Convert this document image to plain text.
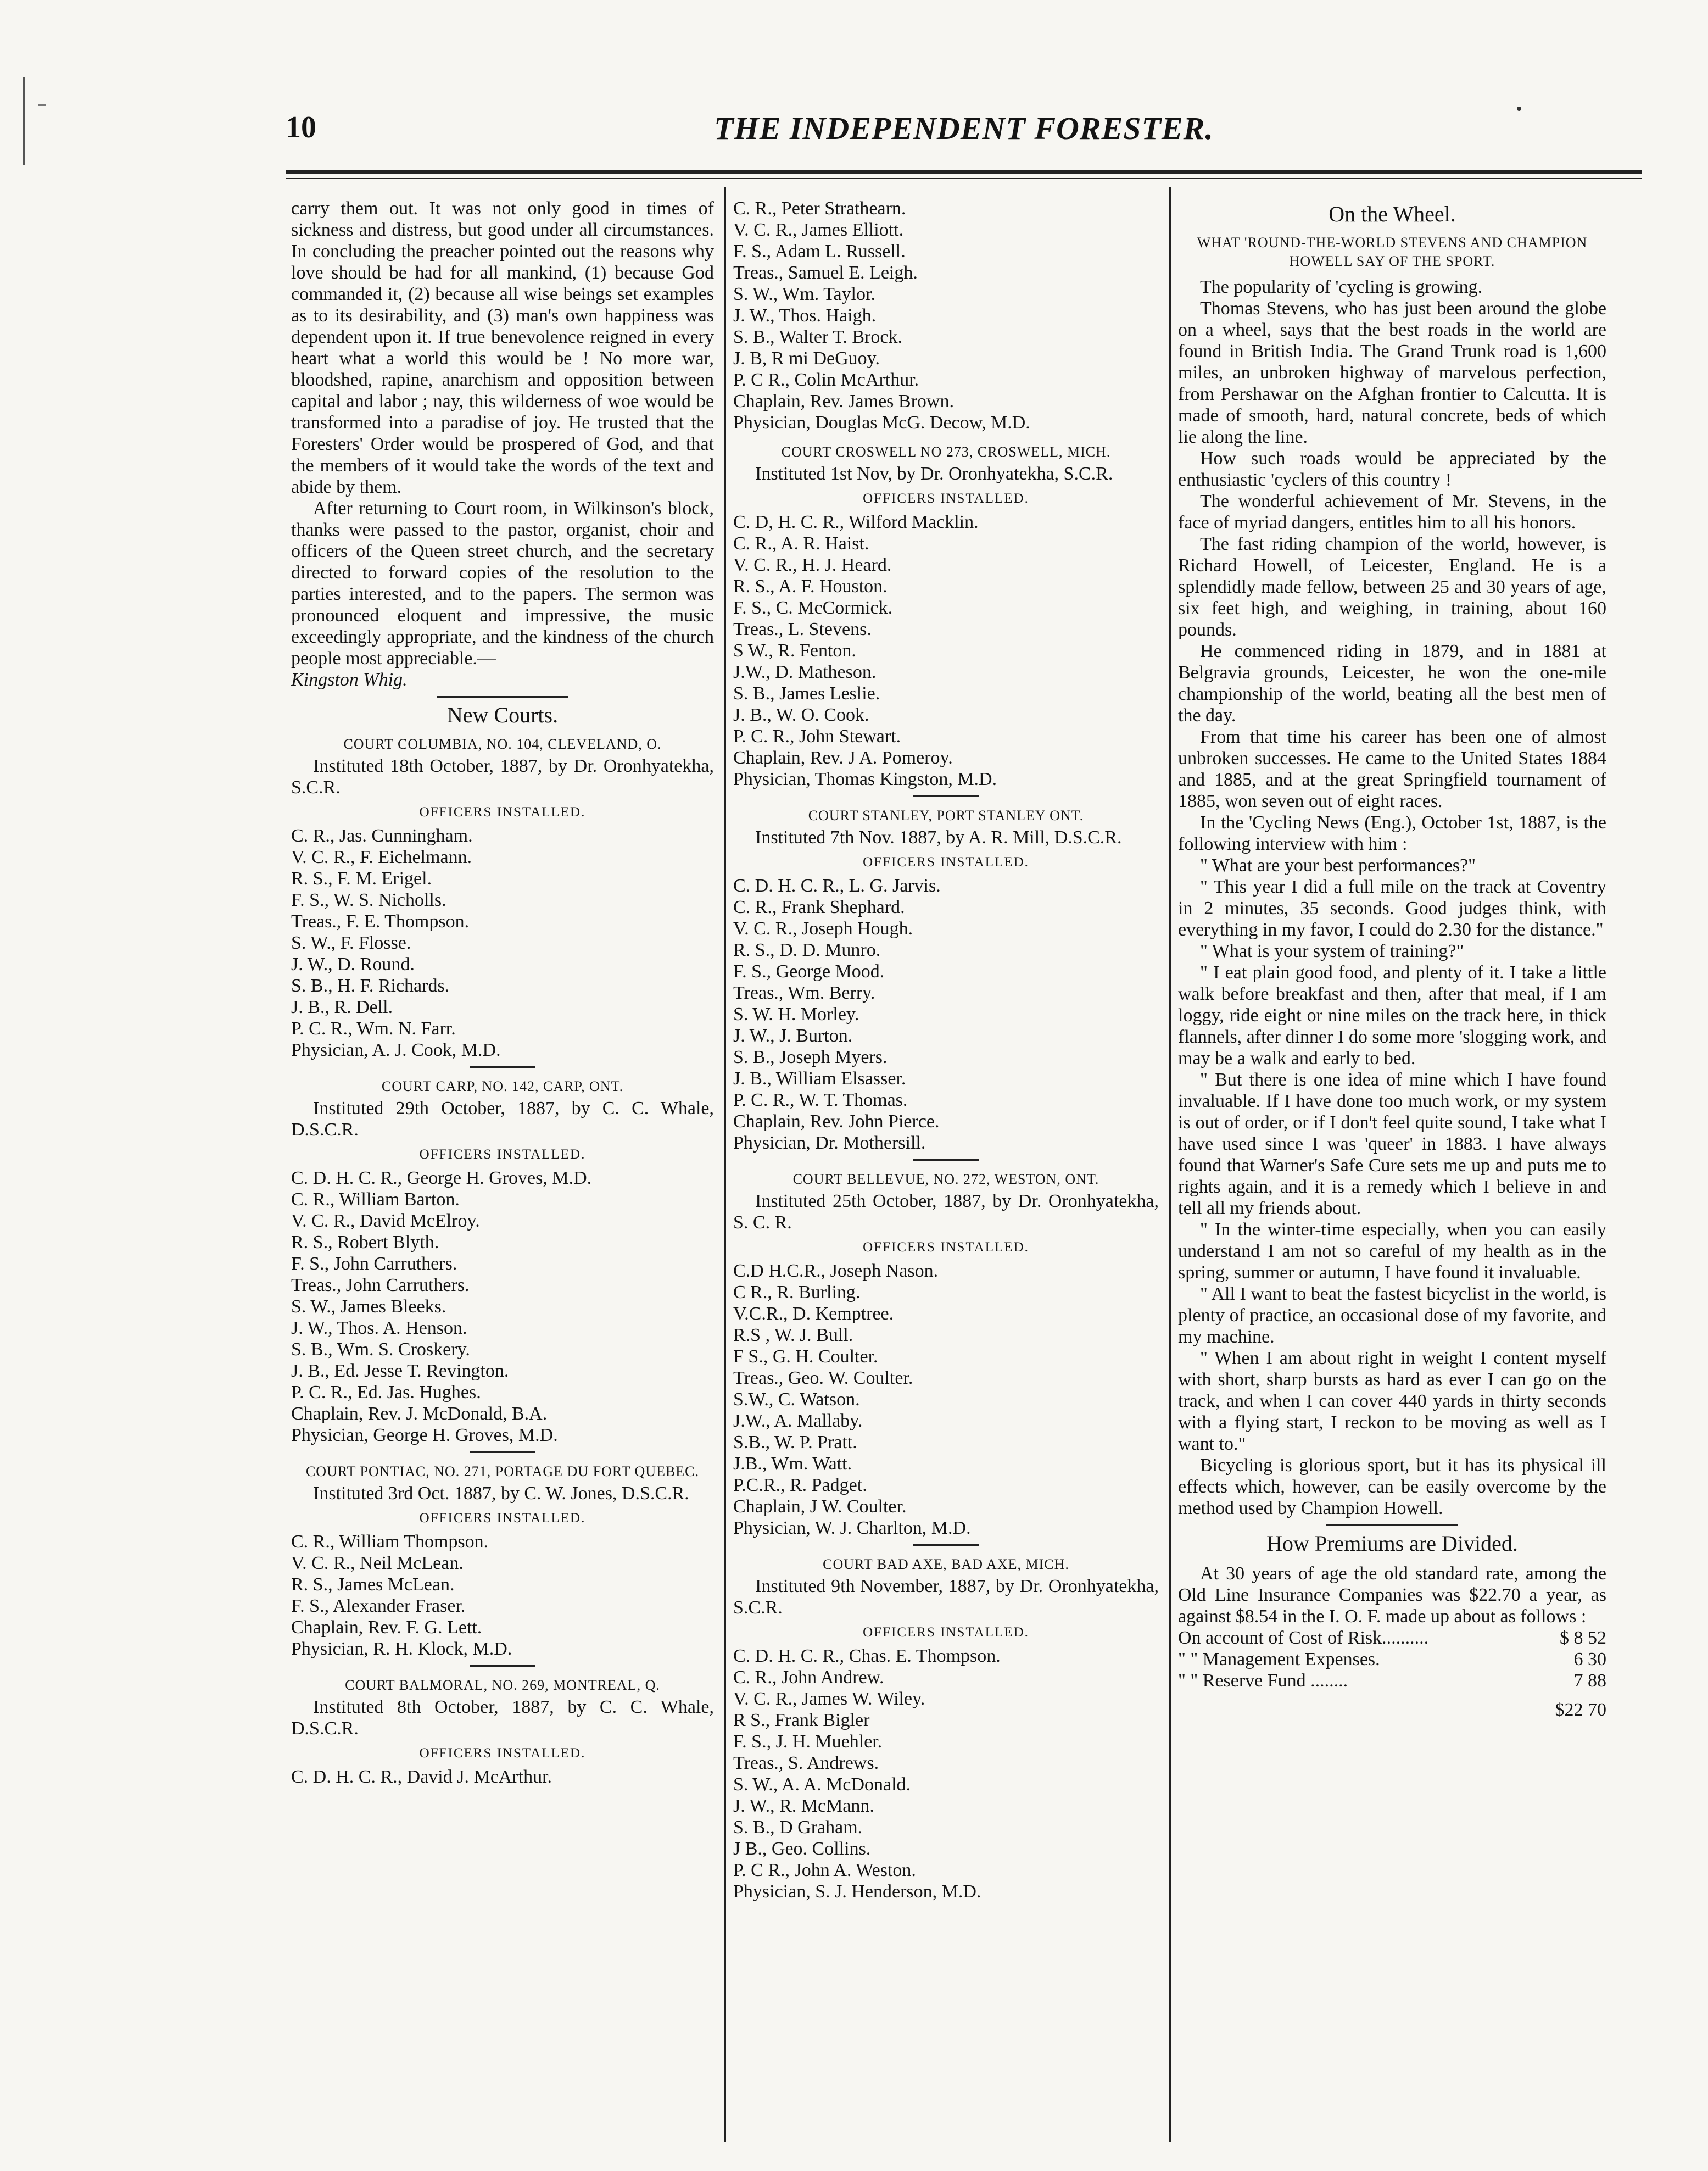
10	THE INDEPENDENT FORESTER.

carry them out. It was not only good in times of sickness and distress, but good under all circumstances. In concluding the preacher pointed out the reasons why love should be had for all mankind, (1) because God commanded it, (2) because all wise beings set examples as to its desirability, and (3) man's own happiness was dependent upon it. If true benevolence reigned in every heart what a world this would be ! No more war, bloodshed, rapine, anarchism and opposition between capital and labor ; nay, this wilderness of woe would be transformed into a paradise of joy. He trusted that the Foresters' Order would be prospered of God, and that the members of it would take the words of the text and abide by them.

After returning to Court room, in Wilkinson's block, thanks were passed to the pastor, organist, choir and officers of the Queen street church, and the secretary directed to forward copies of the resolution to the parties interested, and to the papers. The sermon was pronounced eloquent and impressive, the music exceedingly appropriate, and the kindness of the church people most appreciable.—

Kingston Whig.

New Courts.
COURT COLUMBIA, NO. 104, CLEVELAND, O.

Instituted 18th October, 1887, by Dr. Oronhyatekha, S.C.R.

OFFICERS INSTALLED.
C. R., Jas. Cunningham.
V. C. R., F. Eichelmann.
R. S., F. M. Erigel.
F. S., W. S. Nicholls.
Treas., F. E. Thompson.
S. W., F. Flosse.
J. W., D. Round.
S. B., H. F. Richards.
J. B., R. Dell.
P. C. R., Wm. N. Farr.
Physician, A. J. Cook, M.D.
COURT CARP, NO. 142, CARP, ONT.

Instituted 29th October, 1887, by C. C. Whale, D.S.C.R.

OFFICERS INSTALLED.
C. D. H. C. R., George H. Groves, M.D.
C. R., William Barton.
V. C. R., David McElroy.
R. S., Robert Blyth.
F. S., John Carruthers.
Treas., John Carruthers.
S. W., James Bleeks.
J. W., Thos. A. Henson.
S. B., Wm. S. Croskery.
J. B., Ed. Jesse T. Revington.
P. C. R., Ed. Jas. Hughes.
Chaplain, Rev. J. McDonald, B.A.
Physician, George H. Groves, M.D.
COURT PONTIAC, NO. 271, PORTAGE DU FORT QUEBEC.

Instituted 3rd Oct. 1887, by C. W. Jones, D.S.C.R.

OFFICERS INSTALLED.
C. R., William Thompson.
V. C. R., Neil McLean.
R. S., James McLean.
F. S., Alexander Fraser.
Chaplain, Rev. F. G. Lett.
Physician, R. H. Klock, M.D.
COURT BALMORAL, NO. 269, MONTREAL, Q.

Instituted 8th October, 1887, by C. C. Whale, D.S.C.R.

OFFICERS INSTALLED.
C. D. H. C. R., David J. McArthur.
C. R., Peter Strathearn.
V. C. R., James Elliott.
F. S., Adam L. Russell.
Treas., Samuel E. Leigh.
S. W., Wm. Taylor.
J. W., Thos. Haigh.
S. B., Walter T. Brock.
J. B, R mi DeGuoy.
P. C R., Colin McArthur.
Chaplain, Rev. James Brown.
Physician, Douglas McG. Decow, M.D.
COURT CROSWELL NO 273, CROSWELL, MICH.

Instituted 1st Nov, by Dr. Oronhyatekha, S.C.R.

OFFICERS INSTALLED.
C. D, H. C. R., Wilford Macklin.
C. R., A. R. Haist.
V. C. R., H. J. Heard.
R. S., A. F. Houston.
F. S., C. McCormick.
Treas., L. Stevens.
S W., R. Fenton.
J.W., D. Matheson.
S. B., James Leslie.
J. B., W. O. Cook.
P. C. R., John Stewart.
Chaplain, Rev. J A. Pomeroy.
Physician, Thomas Kingston, M.D.
COURT STANLEY, PORT STANLEY ONT.

Instituted 7th Nov. 1887, by A. R. Mill, D.S.C.R.

OFFICERS INSTALLED.
C. D. H. C. R., L. G. Jarvis.
C. R., Frank Shephard.
V. C. R., Joseph Hough.
R. S., D. D. Munro.
F. S., George Mood.
Treas., Wm. Berry.
S. W. H. Morley.
J. W., J. Burton.
S. B., Joseph Myers.
J. B., William Elsasser.
P. C. R., W. T. Thomas.
Chaplain, Rev. John Pierce.
Physician, Dr. Mothersill.
COURT BELLEVUE, NO. 272, WESTON, ONT.

Instituted 25th October, 1887, by Dr. Oronhyatekha, S. C. R.

OFFICERS INSTALLED.
C.D H.C.R., Joseph Nason.
C R., R. Burling.
V.C.R., D. Kemptree.
R.S , W. J. Bull.
F S., G. H. Coulter.
Treas., Geo. W. Coulter.
S.W., C. Watson.
J.W., A. Mallaby.
S.B., W. P. Pratt.
J.B., Wm. Watt.
P.C.R., R. Padget.
Chaplain, J W. Coulter.
Physician, W. J. Charlton, M.D.
COURT BAD AXE, BAD AXE, MICH.

Instituted 9th November, 1887, by Dr. Oronhyatekha, S.C.R.

OFFICERS INSTALLED.
C. D. H. C. R., Chas. E. Thompson.
C. R., John Andrew.
V. C. R., James W. Wiley.
R S., Frank Bigler
F. S., J. H. Muehler.
Treas., S. Andrews.
S. W., A. A. McDonald.
J. W., R. McMann.
S. B., D Graham.
J B., Geo. Collins.
P. C R., John A. Weston.
Physician, S. J. Henderson, M.D.
On the Wheel.
WHAT 'ROUND-THE-WORLD STEVENS AND CHAMPION HOWELL SAY OF THE SPORT.

The popularity of 'cycling is growing.

Thomas Stevens, who has just been around the globe on a wheel, says that the best roads in the world are found in British India. The Grand Trunk road is 1,600 miles, an unbroken highway of marvelous perfection, from Pershawar on the Afghan frontier to Calcutta. It is made of smooth, hard, natural concrete, beds of which lie along the line.

How such roads would be appreciated by the enthusiastic 'cyclers of this country !

The wonderful achievement of Mr. Stevens, in the face of myriad dangers, entitles him to all his honors.

The fast riding champion of the world, however, is Richard Howell, of Leicester, England. He is a splendidly made fellow, between 25 and 30 years of age, six feet high, and weighing, in training, about 160 pounds.

He commenced riding in 1879, and in 1881 at Belgravia grounds, Leicester, he won the one-mile championship of the world, beating all the best men of the day.

From that time his career has been one of almost unbroken successes. He came to the United States 1884 and 1885, and at the great Springfield tournament of 1885, won seven out of eight races.

In the 'Cycling News (Eng.), October 1st, 1887, is the following interview with him :

" What are your best performances?"

" This year I did a full mile on the track at Coventry in 2 minutes, 35 seconds. Good judges think, with everything in my favor, I could do 2.30 for the distance."

" What is your system of training?"

" I eat plain good food, and plenty of it. I take a little walk before breakfast and then, after that meal, if I am loggy, ride eight or nine miles on the track here, in thick flannels, after dinner I do some more 'slogging work, and may be a walk and early to bed.

" But there is one idea of mine which I have found invaluable. If I have done too much work, or my system is out of order, or if I don't feel quite sound, I take what I have used since I was 'queer' in 1883. I have always found that Warner's Safe Cure sets me up and puts me to rights again, and it is a remedy which I believe in and tell all my friends about.

" In the winter-time especially, when you can easily understand I am not so careful of my health as in the spring, summer or autumn, I have found it invaluable.

" All I want to beat the fastest bicyclist in the world, is plenty of practice, an occasional dose of my favorite, and my machine.

" When I am about right in weight I content myself with short, sharp bursts as hard as ever I can go on the track, and when I can cover 440 yards in thirty seconds with a flying start, I reckon to be moving as well as I want to."

Bicycling is glorious sport, but it has its physical ill effects which, however, can be easily overcome by the method used by Champion Howell.

How Premiums are Divided.

At 30 years of age the old standard rate, among the Old Line Insurance Companies was $22.70 a year, as against $8.54 in the I. O. F. made up about as follows :

On account of Cost of Risk..........	$ 8 52
" " Management Expenses.	6 30
" " Reserve Fund ........	7 88
$22 70
